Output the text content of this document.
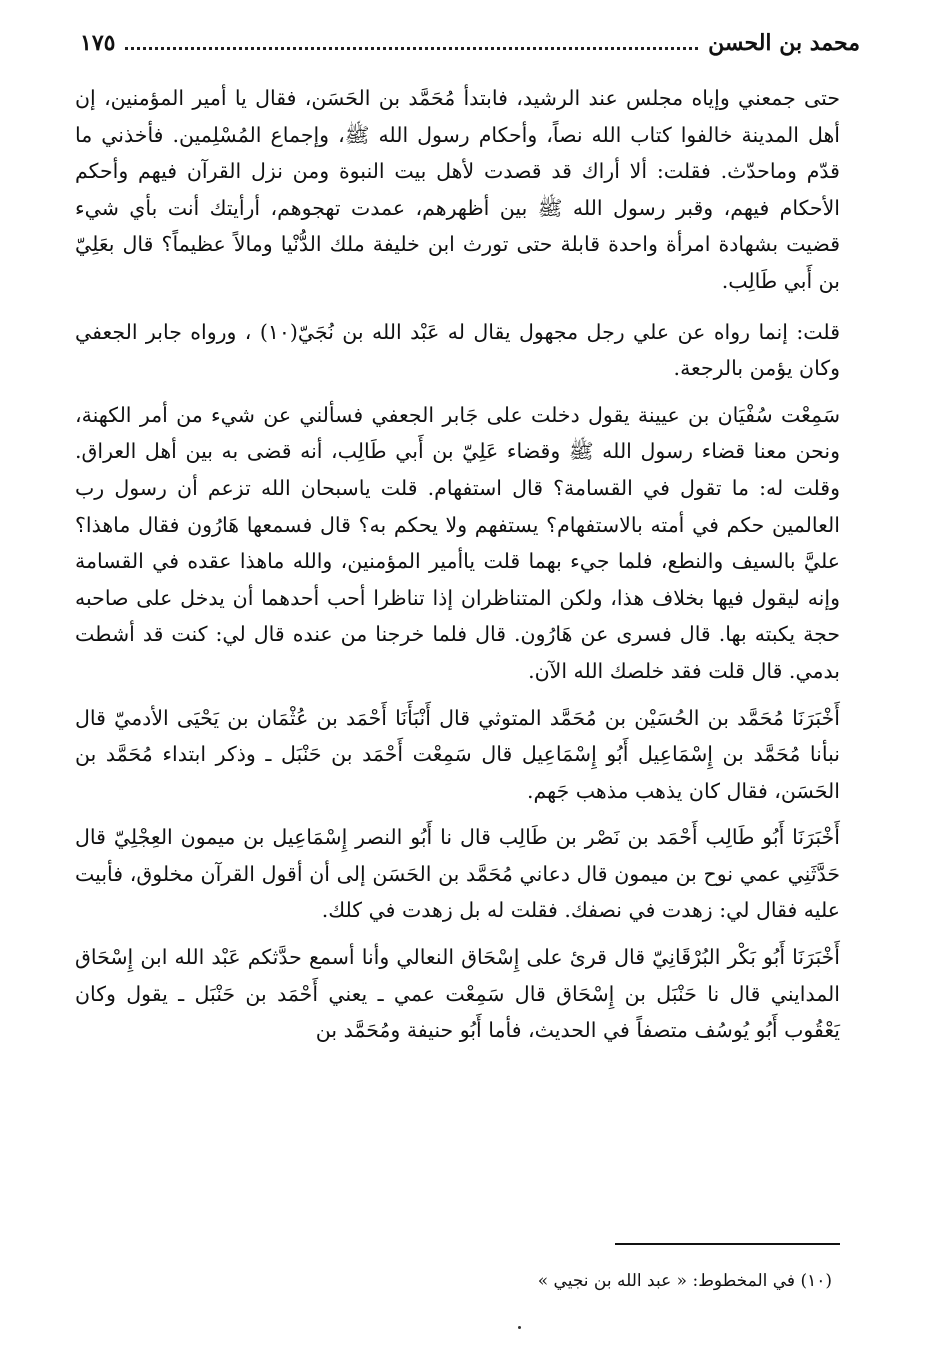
محمد بن الحسن
١٧٥

حتى جمعني وإياه مجلس عند الرشيد، فابتدأ مُحَمَّد بن الحَسَن، فقال يا أمير المؤمنين، إن أهل المدينة خالفوا كتاب الله نصاً، وأحكام رسول الله ﷺ، وإجماع المُسْلِمين. فأخذني ما قدّم وماحدّث. فقلت: ألا أراك قد قصدت لأهل بيت النبوة ومن نزل القرآن فيهم وأحكم الأحكام فيهم، وقبر رسول الله ﷺ بين أظهرهم، عمدت تهجوهم، أرأيتك أنت بأي شيء قضيت بشهادة امرأة واحدة قابلة حتى تورث ابن خليفة ملك الدُّنْيا ومالاً عظيماً؟ قال بعَلِيّ بن أَبي طَالِب.

قلت: إنما رواه عن علي رجل مجهول يقال له عَبْد الله بن نُجَيّ(١٠) ، ورواه جابر الجعفي وكان يؤمن بالرجعة.

سَمِعْت سُفْيَان بن عيينة يقول دخلت على جَابر الجعفي فسألني عن شيء من أمر الكهنة، ونحن معنا قضاء رسول الله ﷺ وقضاء عَلِيّ بن أَبي طَالِب، أنه قضى به بين أهل العراق. وقلت له: ما تقول في القسامة؟ قال استفهام. قلت ياسبحان الله تزعم أن رسول رب العالمين حكم في أمته بالاستفهام؟ يستفهم ولا يحكم به؟ قال فسمعها هَارُون فقال ماهذا؟ عليَّ بالسيف والنطع، فلما جيء بهما قلت ياأمير المؤمنين، والله ماهذا عقده في القسامة وإنه ليقول فيها بخلاف هذا، ولكن المتناظران إذا تناظرا أحب أحدهما أن يدخل على صاحبه حجة يكبته بها. قال فسرى عن هَارُون. قال فلما خرجنا من عنده قال لي: كنت قد أشطت بدمي. قال قلت فقد خلصك الله الآن.

أَخْبَرَنَا مُحَمَّد بن الحُسَيْن بن مُحَمَّد المتوثي قال أَنْبَأَنَا أَحْمَد بن عُثْمَان بن يَحْيَى الأدميّ قال نبأنا مُحَمَّد بن إِسْمَاعِيل أَبُو إِسْمَاعِيل قال سَمِعْت أَحْمَد بن حَنْبَل ـ وذكر ابتداء مُحَمَّد بن الحَسَن، فقال كان يذهب مذهب جَهم.

أَخْبَرَنَا أَبُو طَالِب أَحْمَد بن نَصْر بن طَالِب قال نا أَبُو النصر إِسْمَاعِيل بن ميمون العِجْلِيّ قال حَدَّثَنِي عمي نوح بن ميمون قال دعاني مُحَمَّد بن الحَسَن إلى أن أقول القرآن مخلوق، فأبيت عليه فقال لي: زهدت في نصفك. فقلت له بل زهدت في كلك.

أَخْبَرَنَا أَبُو بَكْر البُرْقَانِيّ قال قرئ على إِسْحَاق النعالي وأنا أسمع حدَّثكم عَبْد الله ابن إِسْحَاق المدايني قال نا حَنْبَل بن إِسْحَاق قال سَمِعْت عمي ـ يعني أَحْمَد بن حَنْبَل ـ يقول وكان يَعْقُوب أَبُو يُوسُف متصفاً في الحديث، فأما أَبُو حنيفة ومُحَمَّد بن

(١٠) في المخطوط: « عبد الله بن نجيي »
